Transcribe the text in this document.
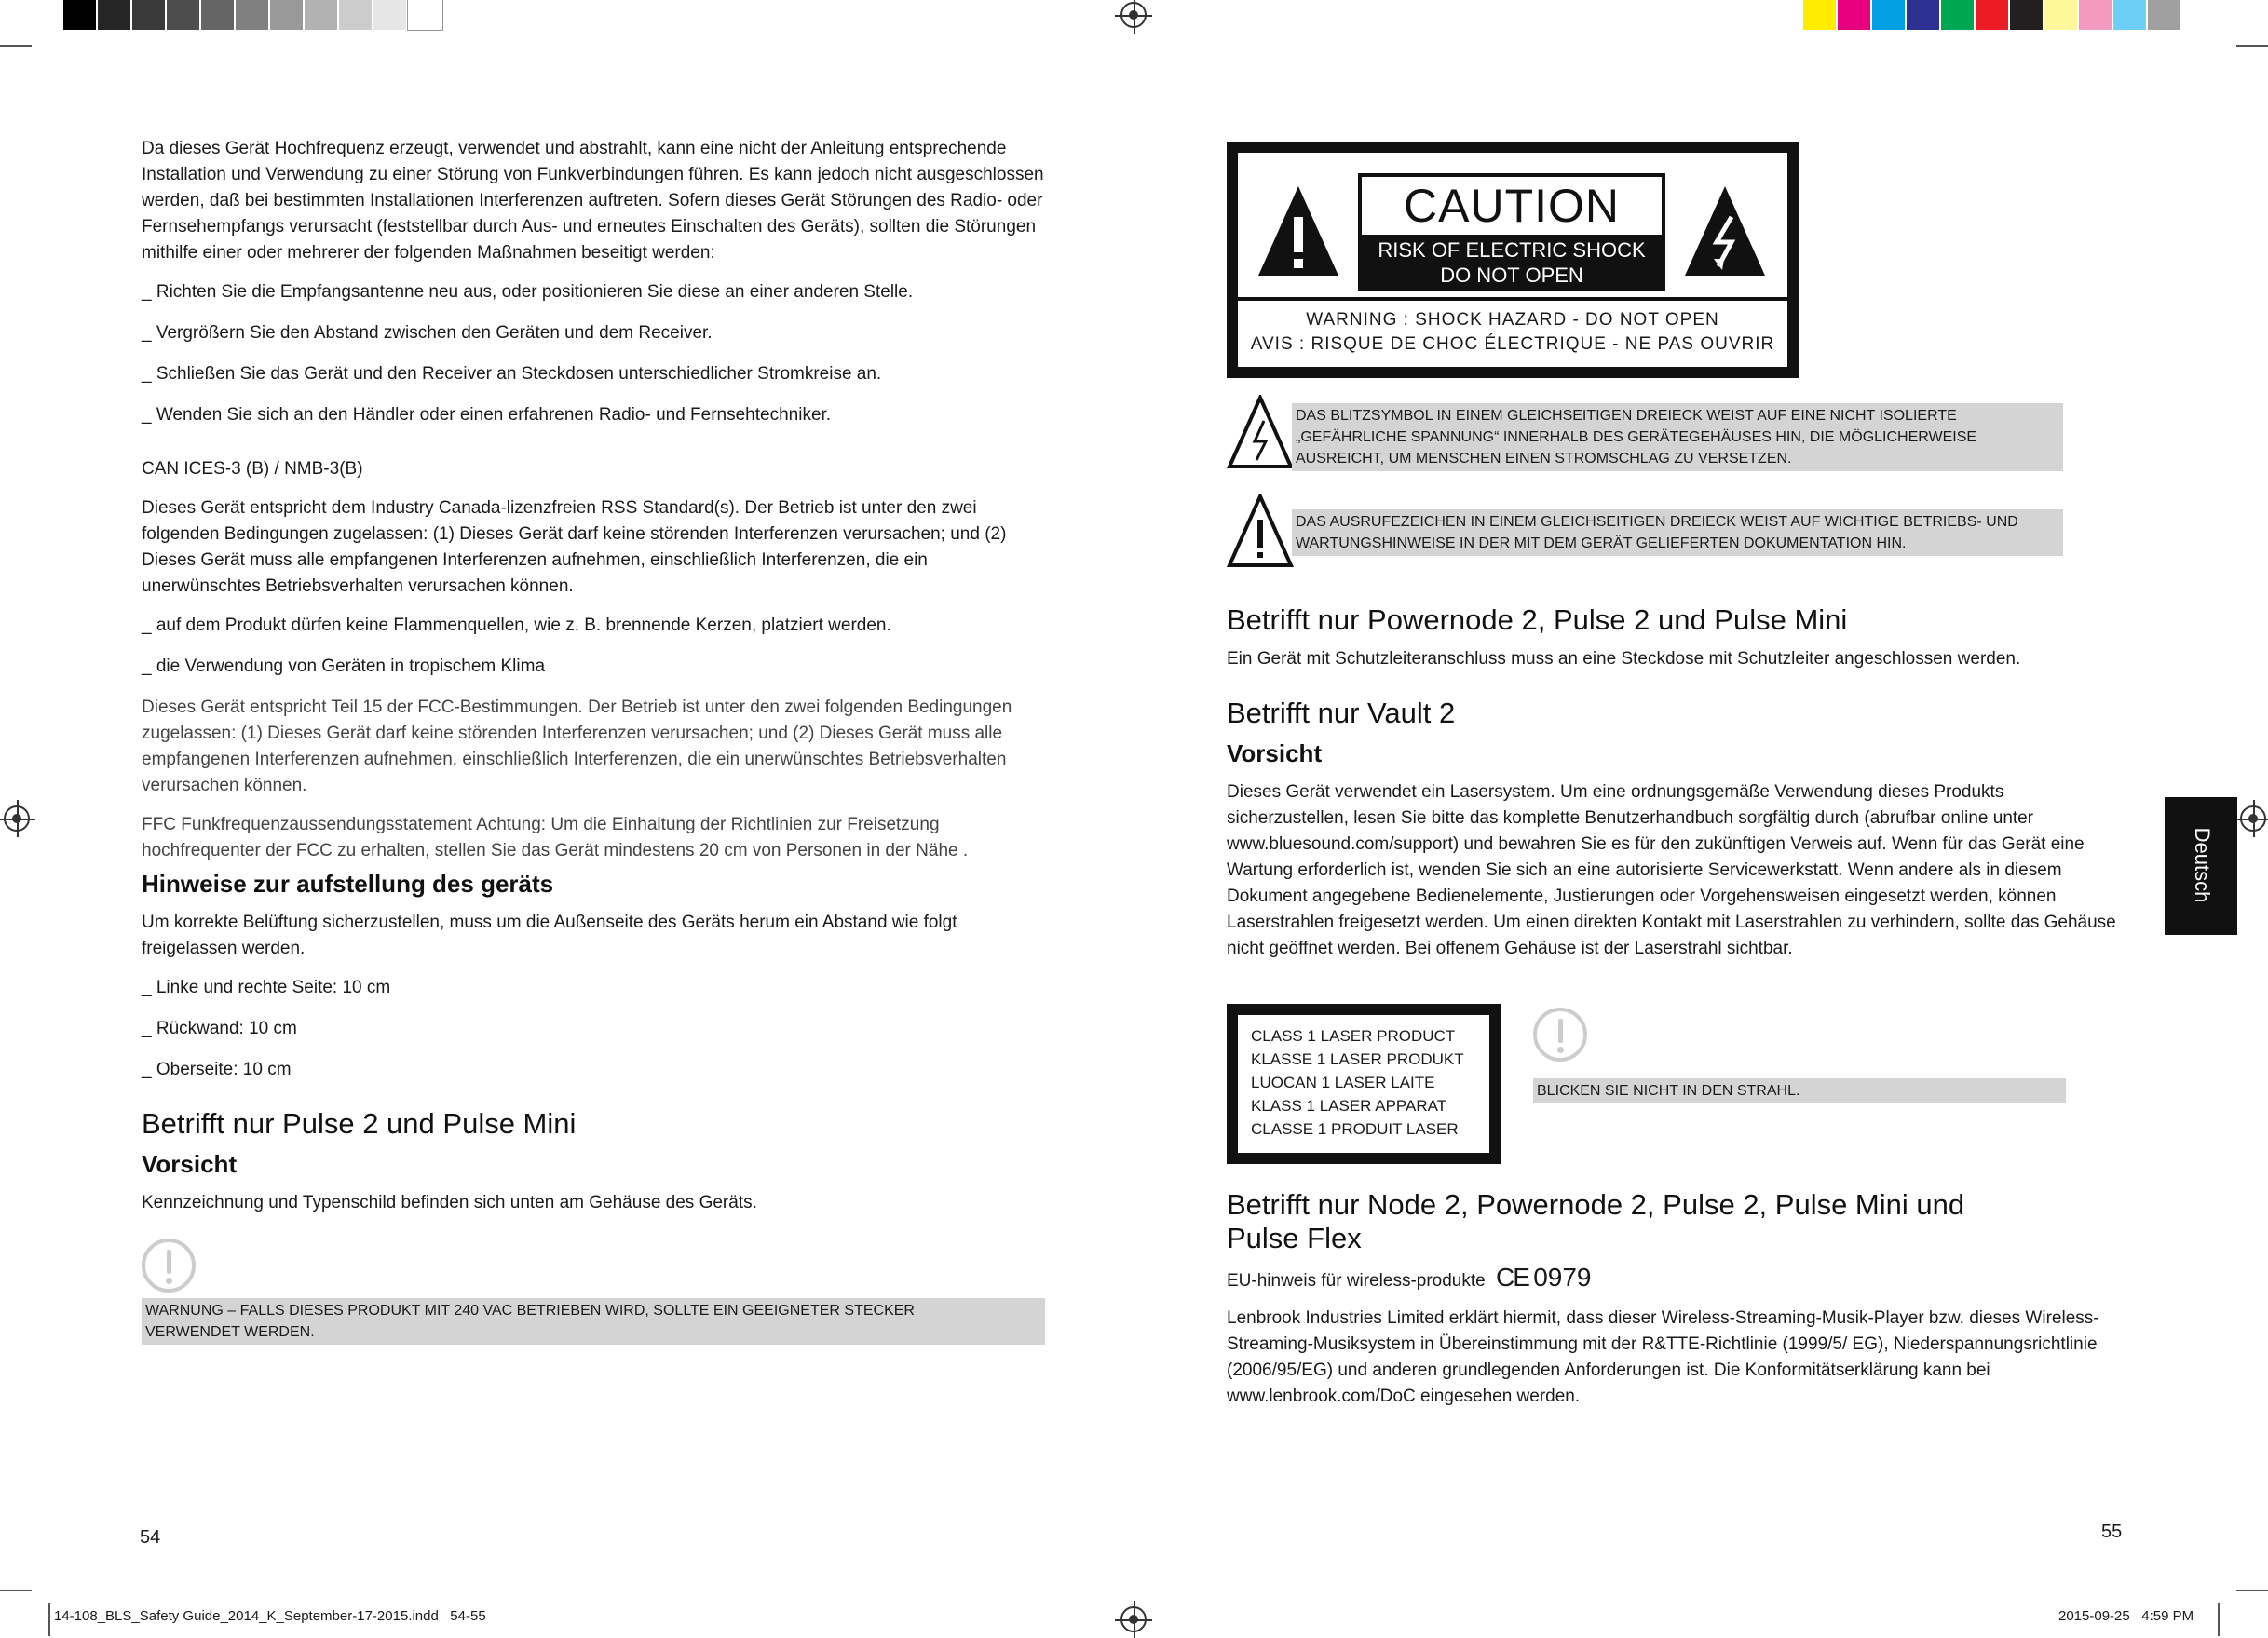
Da dieses Gerät Hochfrequenz erzeugt, verwendet und abstrahlt, kann eine nicht der Anleitung entsprechende Installation und Verwendung zu einer Störung von Funkverbindungen führen. Es kann jedoch nicht ausgeschlossen werden, daß bei bestimmten Installationen Interferenzen auftreten. Sofern dieses Gerät Störungen des Radio- oder Fernsehempfangs verursacht (feststellbar durch Aus- und erneutes Einschalten des Geräts), sollten die Störungen mithilfe einer oder mehrerer der folgenden Maßnahmen beseitigt werden:

_ Richten Sie die Empfangsantenne neu aus, oder positionieren Sie diese an einer anderen Stelle.

_ Vergrößern Sie den Abstand zwischen den Geräten und dem Receiver.

_ Schließen Sie das Gerät und den Receiver an Steckdosen unterschiedlicher Stromkreise an.

_ Wenden Sie sich an den Händler oder einen erfahrenen Radio- und Fernsehtechniker.

CAN ICES-3 (B) / NMB-3(B)

Dieses Gerät entspricht dem Industry Canada-lizenzfreien RSS Standard(s). Der Betrieb ist unter den zwei folgenden Bedingungen zugelassen: (1) Dieses Gerät darf keine störenden Interferenzen verursachen; und (2) Dieses Gerät muss alle empfangenen Interferenzen aufnehmen, einschließlich Interferenzen, die ein unerwünschtes Betriebsverhalten verursachen können.

_ auf dem Produkt dürfen keine Flammenquellen, wie z. B. brennende Kerzen, platziert werden.

_ die Verwendung von Geräten in tropischem Klima

Dieses Gerät entspricht Teil 15 der FCC-Bestimmungen. Der Betrieb ist unter den zwei folgenden Bedingungen zugelassen: (1) Dieses Gerät darf keine störenden Interferenzen verursachen; und (2) Dieses Gerät muss alle empfangenen Interferenzen aufnehmen, einschließlich Interferenzen, die ein unerwünschtes Betriebsverhalten verursachen können.

FFC Funkfrequenzaussendungsstatement Achtung: Um die Einhaltung der Richtlinien zur Freisetzung hochfrequenter der FCC zu erhalten, stellen Sie das Gerät mindestens 20 cm von Personen in der Nähe .

Hinweise zur aufstellung des geräts

Um korrekte Belüftung sicherzustellen, muss um die Außenseite des Geräts herum ein Abstand wie folgt freigelassen werden.

_ Linke und rechte Seite: 10 cm

_ Rückwand: 10 cm

_ Oberseite: 10 cm

Betrifft nur Pulse 2 und Pulse Mini
Vorsicht

Kennzeichnung und Typenschild befinden sich unten am Gehäuse des Geräts.

WARNUNG – FALLS DIESES PRODUKT MIT 240 VAC BETRIEBEN WIRD, SOLLTE EIN GEEIGNETER STECKER VERWENDET WERDEN.
54
CAUTION
RISK OF ELECTRIC SHOCK
DO NOT OPEN
WARNING : SHOCK HAZARD - DO NOT OPEN
AVIS : RISQUE DE CHOC ÉLECTRIQUE - NE PAS OUVRIR
DAS BLITZSYMBOL IN EINEM GLEICHSEITIGEN DREIECK WEIST AUF EINE NICHT ISOLIERTE „GEFÄHRLICHE SPANNUNG“ INNERHALB DES GERÄTEGEHÄUSES HIN, DIE MÖGLICHERWEISE AUSREICHT, UM MENSCHEN EINEN STROMSCHLAG ZU VERSETZEN.
DAS AUSRUFEZEICHEN IN EINEM GLEICHSEITIGEN DREIECK WEIST AUF WICHTIGE BETRIEBS- UND WARTUNGSHINWEISE IN DER MIT DEM GERÄT GELIEFERTEN DOKUMENTATION HIN.
Betrifft nur Powernode 2, Pulse 2 und Pulse Mini

Ein Gerät mit Schutzleiteranschluss muss an eine Steckdose mit Schutzleiter angeschlossen werden.

Betrifft nur Vault 2
Vorsicht

Dieses Gerät verwendet ein Lasersystem. Um eine ordnungsgemäße Verwendung dieses Produkts sicherzustellen, lesen Sie bitte das komplette Benutzerhandbuch sorgfältig durch (abrufbar online unter www.bluesound.com/support) und bewahren Sie es für den zukünftigen Verweis auf. Wenn für das Gerät eine Wartung erforderlich ist, wenden Sie sich an eine autorisierte Servicewerkstatt. Wenn andere als in diesem Dokument angegebene Bedienelemente, Justierungen oder Vorgehensweisen eingesetzt werden, können Laserstrahlen freigesetzt werden. Um einen direkten Kontakt mit Laserstrahlen zu verhindern, sollte das Gehäuse nicht geöffnet werden. Bei offenem Gehäuse ist der Laserstrahl sichtbar.

CLASS 1 LASER PRODUCT
KLASSE 1 LASER PRODUKT
LUOCAN 1 LASER LAITE
KLASS 1 LASER APPARAT
CLASSE 1 PRODUIT LASER
BLICKEN SIE NICHT IN DEN STRAHL.
Betrifft nur Node 2, Powernode 2, Pulse 2, Pulse Mini und
Pulse Flex

EU-hinweis für wireless-produkte CE 0979

Lenbrook Industries Limited erklärt hiermit, dass dieser Wireless-Streaming-Musik-Player bzw. dieses Wireless-Streaming-Musiksystem in Übereinstimmung mit der R&TTE-Richtlinie (1999/5/ EG), Niederspannungsrichtlinie (2006/95/EG) und anderen grundlegenden Anforderungen ist. Die Konformitätserklärung kann bei www.lenbrook.com/DoC eingesehen werden.

55
Deutsch
14-108_BLS_Safety Guide_2014_K_September-17-2015.indd   54-55	2015-09-25   4:59 PM
